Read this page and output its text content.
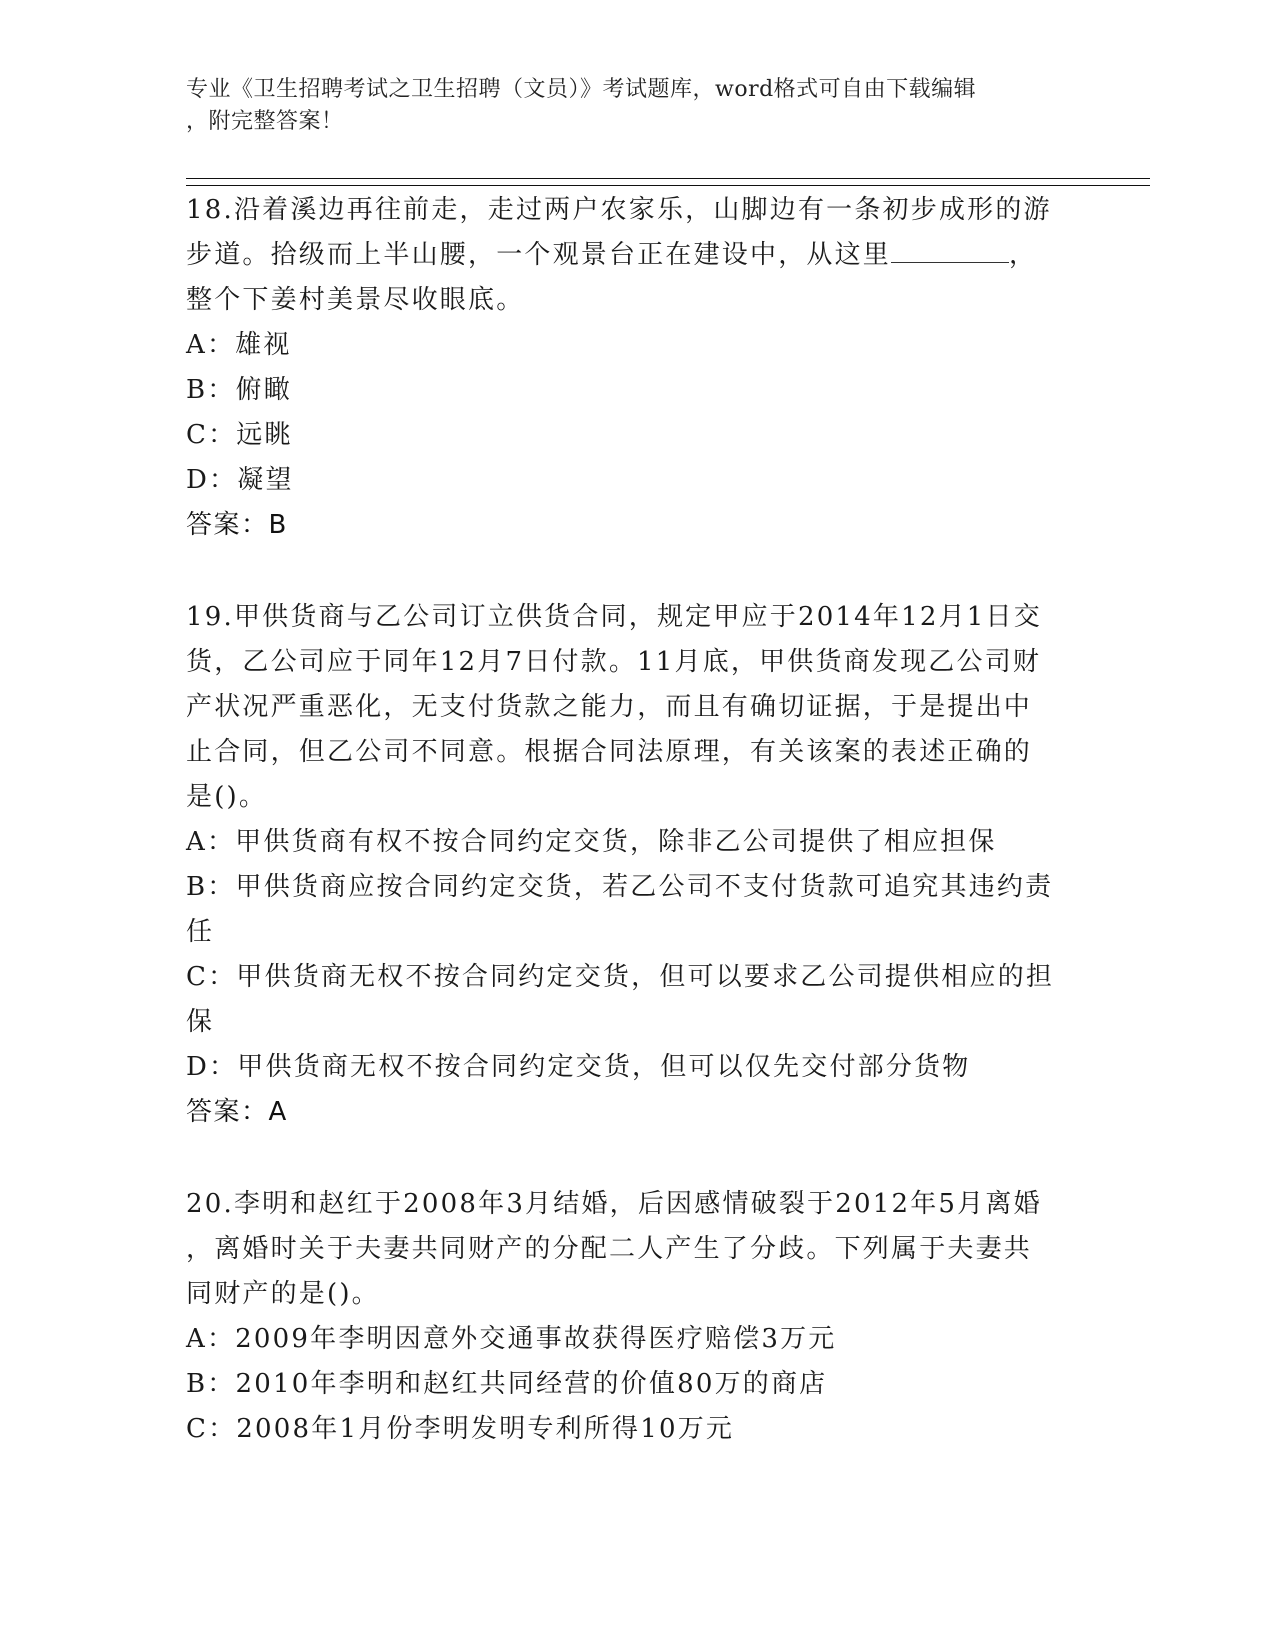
专业《卫生招聘考试之卫生招聘（文员）》考试题库，word格式可自由下载编辑
，附完整答案！

18.沿着溪边再往前走，走过两户农家乐，山脚边有一条初步成形的游

步道。拾级而上半山腰，一个观景台正在建设中，从这里	，

整个下姜村美景尽收眼底。

A：雄视

B：俯瞰

C：远眺

D：凝望

答案：B

19.甲供货商与乙公司订立供货合同，规定甲应于2014年12月1日交

货，乙公司应于同年12月7日付款。11月底，甲供货商发现乙公司财

产状况严重恶化，无支付货款之能力，而且有确切证据，于是提出中

止合同，但乙公司不同意。根据合同法原理，有关该案的表述正确的

是()。

A：甲供货商有权不按合同约定交货，除非乙公司提供了相应担保

B：甲供货商应按合同约定交货，若乙公司不支付货款可追究其违约责

任

C：甲供货商无权不按合同约定交货，但可以要求乙公司提供相应的担

保

D：甲供货商无权不按合同约定交货，但可以仅先交付部分货物

答案：A

20.李明和赵红于2008年3月结婚，后因感情破裂于2012年5月离婚

，离婚时关于夫妻共同财产的分配二人产生了分歧。下列属于夫妻共

同财产的是()。

A：2009年李明因意外交通事故获得医疗赔偿3万元

B：2010年李明和赵红共同经营的价值80万的商店

C：2008年1月份李明发明专利所得10万元
